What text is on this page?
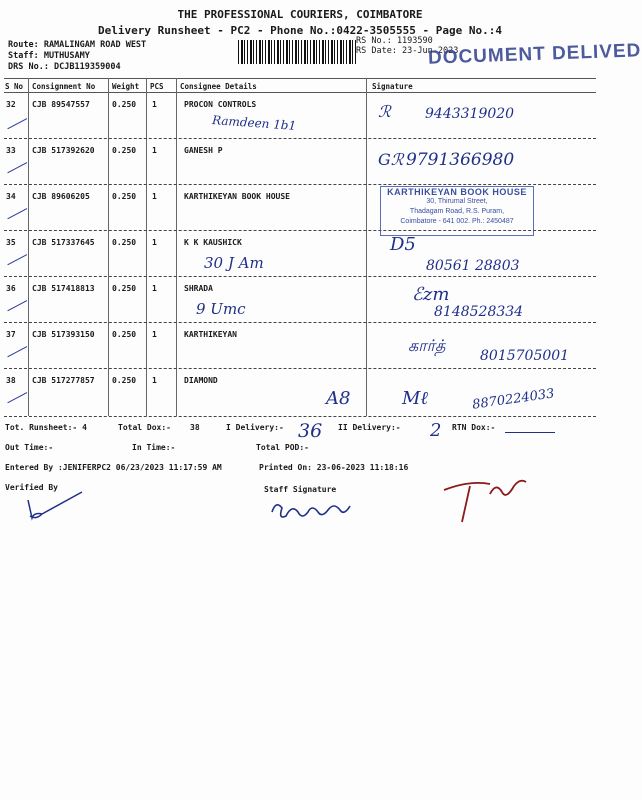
THE PROFESSIONAL COURIERS, COIMBATORE
Delivery Runsheet - PC2 - Phone No.:0422-3505555 - Page No.:4
Route: RAMALINGAM ROAD WEST
Staff: MUTHUSAMY
DRS No.: DCJB119359004
RS No.: 1193590
RS Date: 23-Jun-2023
DOCUMENT DELIVED
S No Consignment No Weight PCS Consignee Details	Signature
32 CJB 89547557	0.250 1	PROCON CONTROLS
Ramdeen 1b1	9443319020
ℛ
33 CJB 517392620 0.250 1	GANESH P	Gℛ 9791366980
34 CJB 89606205	0.250 1	KARTHIKEYAN BOOK HOUSE	KARTHIKEYAN BOOK HOUSE
30, Thirumal Street,
Thadagam Road, R.S. Puram,
Coimbatore - 641 002. Ph.: 2450487
35 CJB 517337645 0.250 1	K K KAUSHICK
30 J Am
D5
80561 28803
36 CJB 517418813 0.250 1	SHRADA
9 Umc
ℰzm
8148528334
37 CJB 517393150 0.250 1	KARTHIKEYAN
கார்த்
8015705001
38 CJB 517277857 0.250 1	DIAMOND
A8	Mℓ	8870224033
Tot. Runsheet:- 4	Total Dox:- 38	I Delivery:- 36 II Delivery:- 2 RTN Dox:-
Out Time:-	In Time:-	Total POD:-
Entered By :JENIFERPC2 06/23/2023 11:17:59 AM	Printed On: 23-06-2023 11:18:16
Verified By	Staff Signature
